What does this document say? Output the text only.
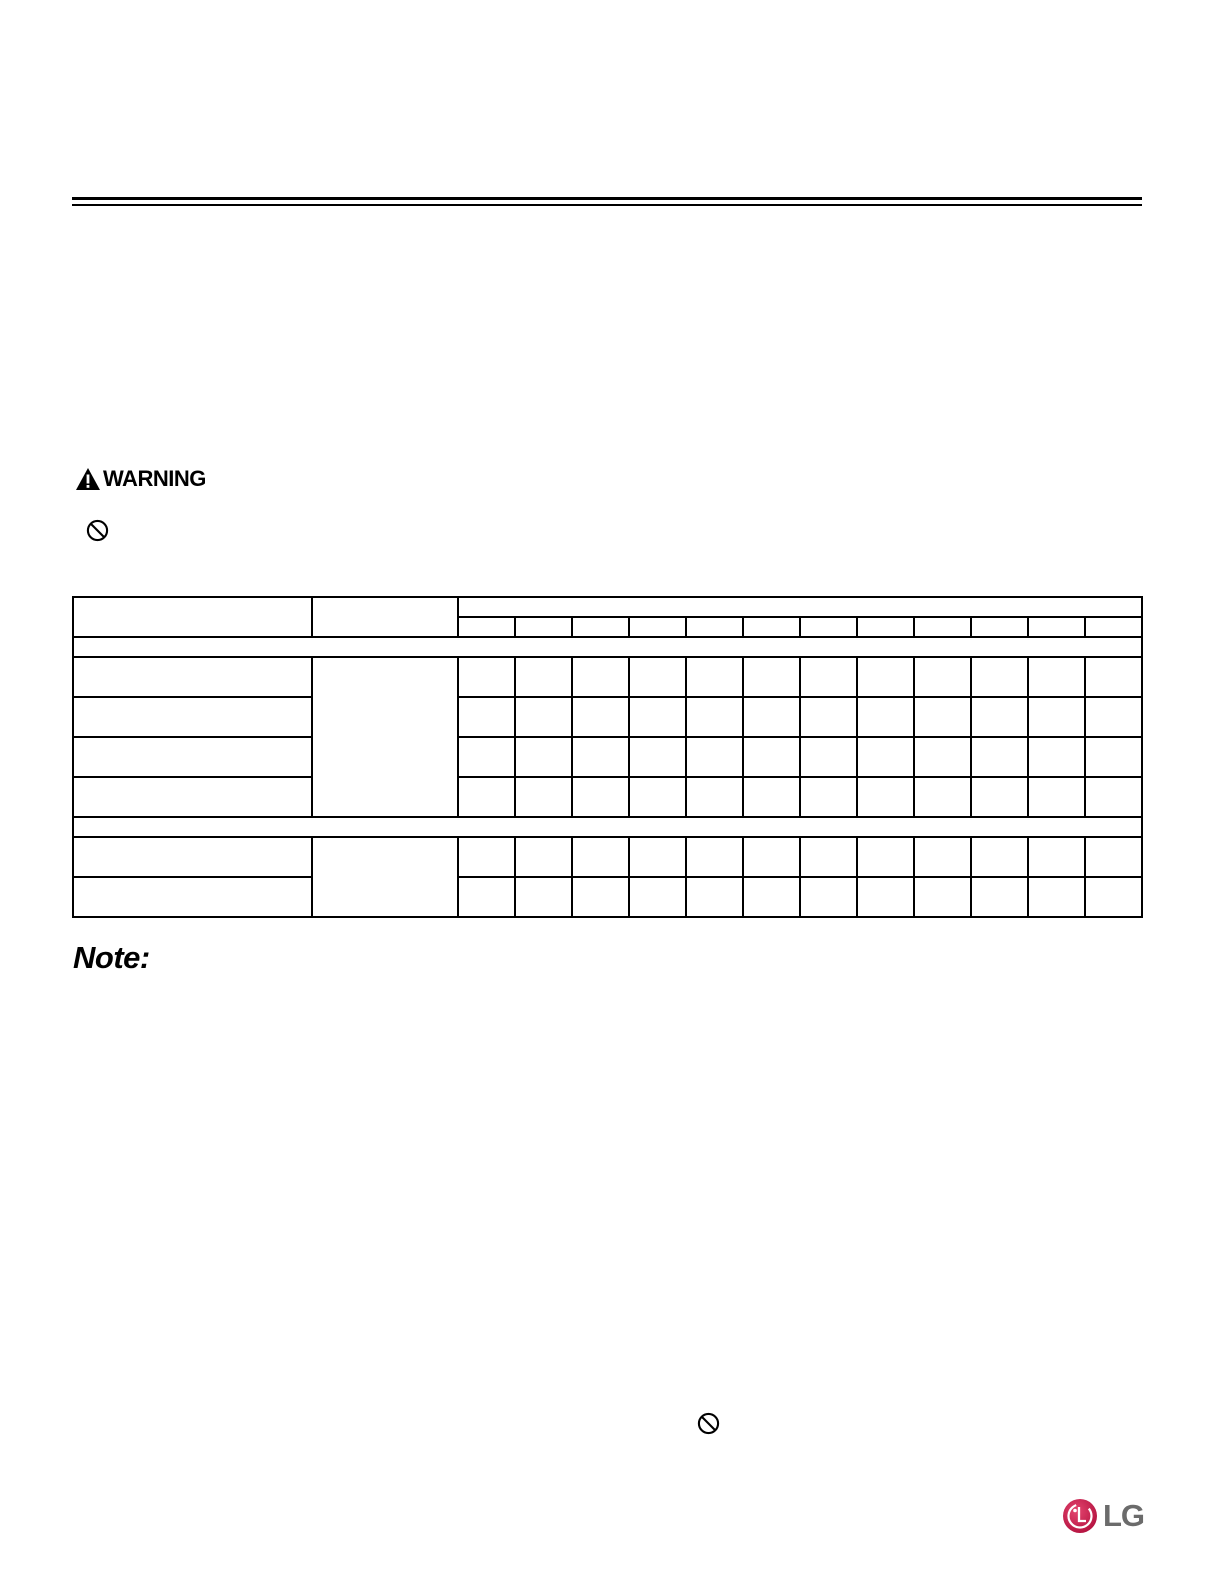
WARNING

Note:
LG
